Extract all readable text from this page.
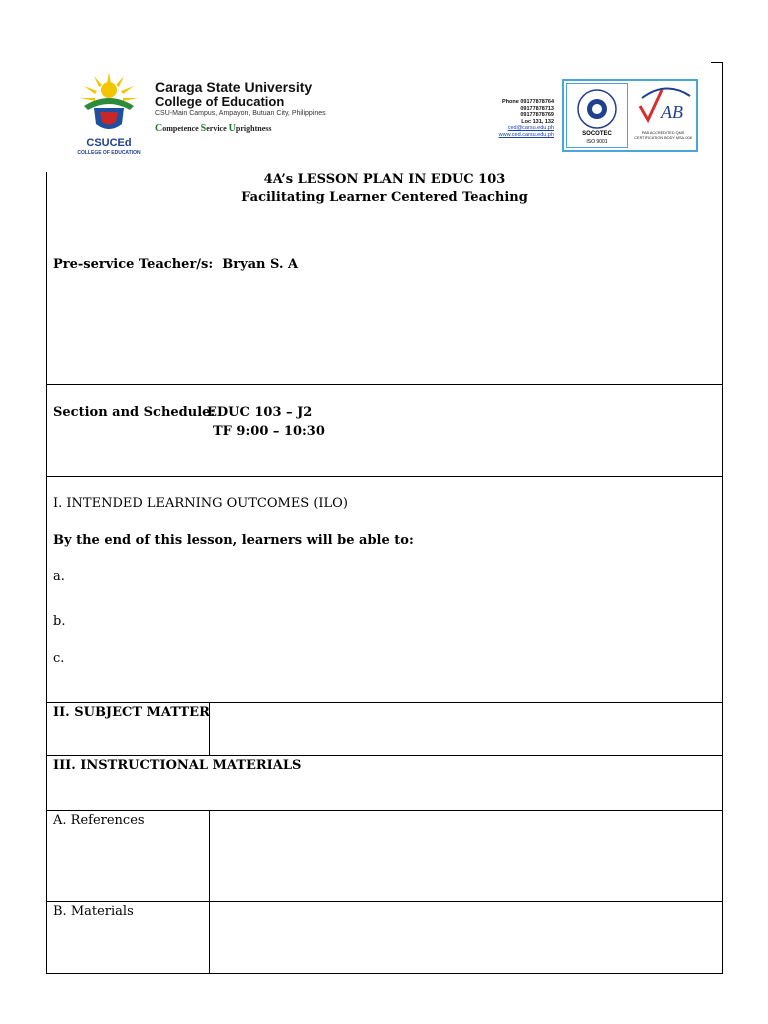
CSUCEd
COLLEGE OF EDUCATION
Caraga State University
College of Education
CSU-Main Campus, Ampayon, Butuan City, Philippines
Competence Service Uprightness
Phone 09177878764
09177878713
09177878769
Loc 131, 132
ced@carsu.edu.ph
www.ced.carsu.edu.ph	SOCOTEC
ISO 9001
AB
PAB ACCREDITED QMS CERTIFICATION BODY MSA-008
4A’s LESSON PLAN IN EDUC 103
Facilitating Learner Centered Teaching
Pre-service Teacher/s: Bryan S. A
Section and Schedule:
EDUC 103 – J2
TF 9:00 – 10:30
I. INTENDED LEARNING OUTCOMES (ILO)
By the end of this lesson, learners will be able to:
a.
b.
c.
II. SUBJECT MATTER
III. INSTRUCTIONAL MATERIALS
A. References
B. Materials
